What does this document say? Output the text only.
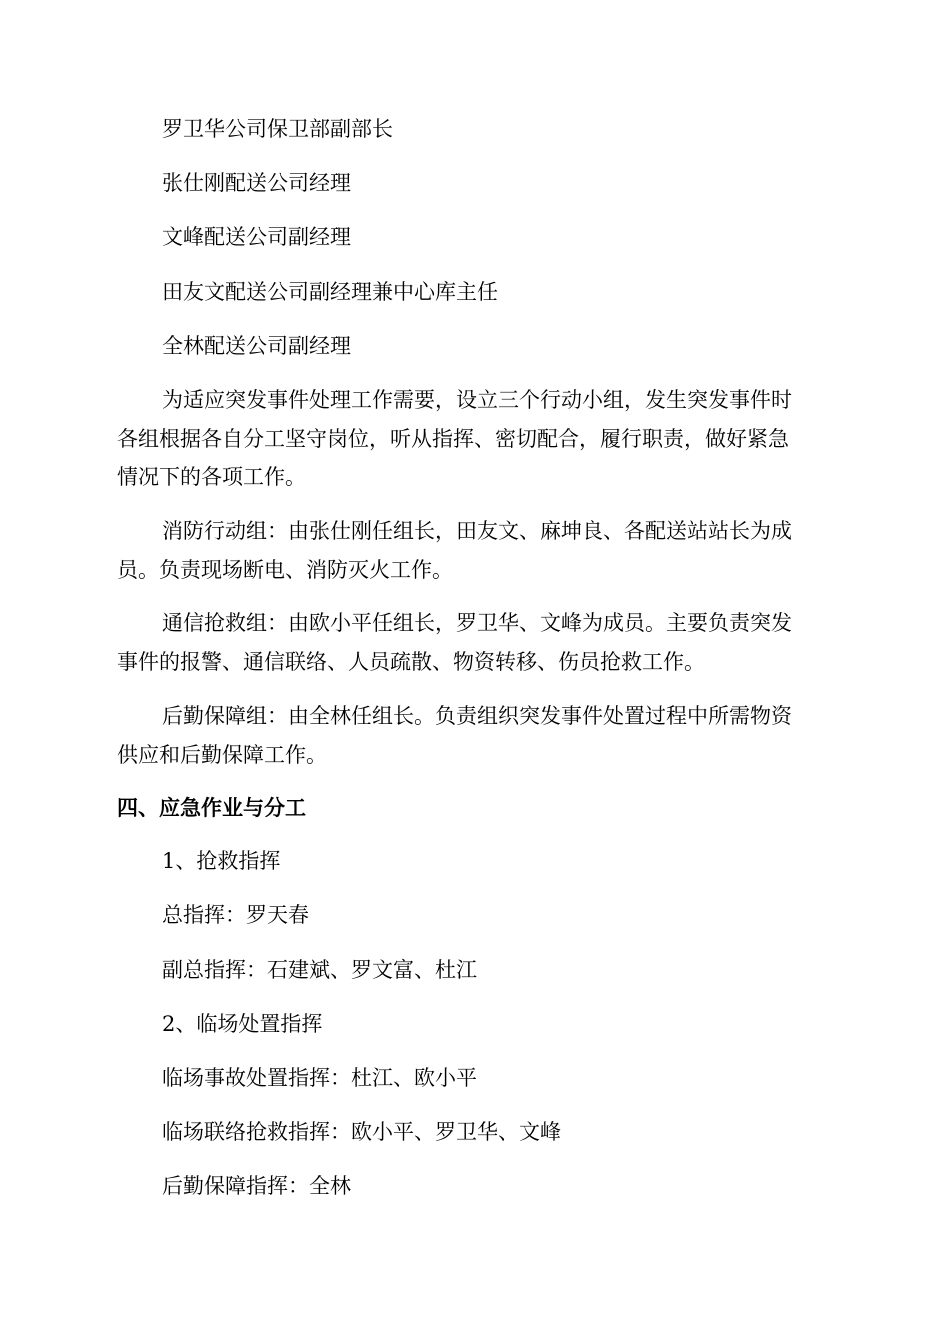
罗卫华公司保卫部副部长

张仕刚配送公司经理

文峰配送公司副经理

田友文配送公司副经理兼中心库主任

全林配送公司副经理

为适应突发事件处理工作需要，设立三个行动小组，发生突发事件时

各组根据各自分工坚守岗位，听从指挥、密切配合，履行职责，做好紧急

情况下的各项工作。

消防行动组：由张仕刚任组长，田友文、麻坤良、各配送站站长为成

员。负责现场断电、消防灭火工作。

通信抢救组：由欧小平任组长，罗卫华、文峰为成员。主要负责突发

事件的报警、通信联络、人员疏散、物资转移、伤员抢救工作。

后勤保障组：由全林任组长。负责组织突发事件处置过程中所需物资

供应和后勤保障工作。

四、应急作业与分工

1、抢救指挥

总指挥：罗天春

副总指挥：石建斌、罗文富、杜江

2、临场处置指挥

临场事故处置指挥：杜江、欧小平

临场联络抢救指挥：欧小平、罗卫华、文峰

后勤保障指挥：全林
